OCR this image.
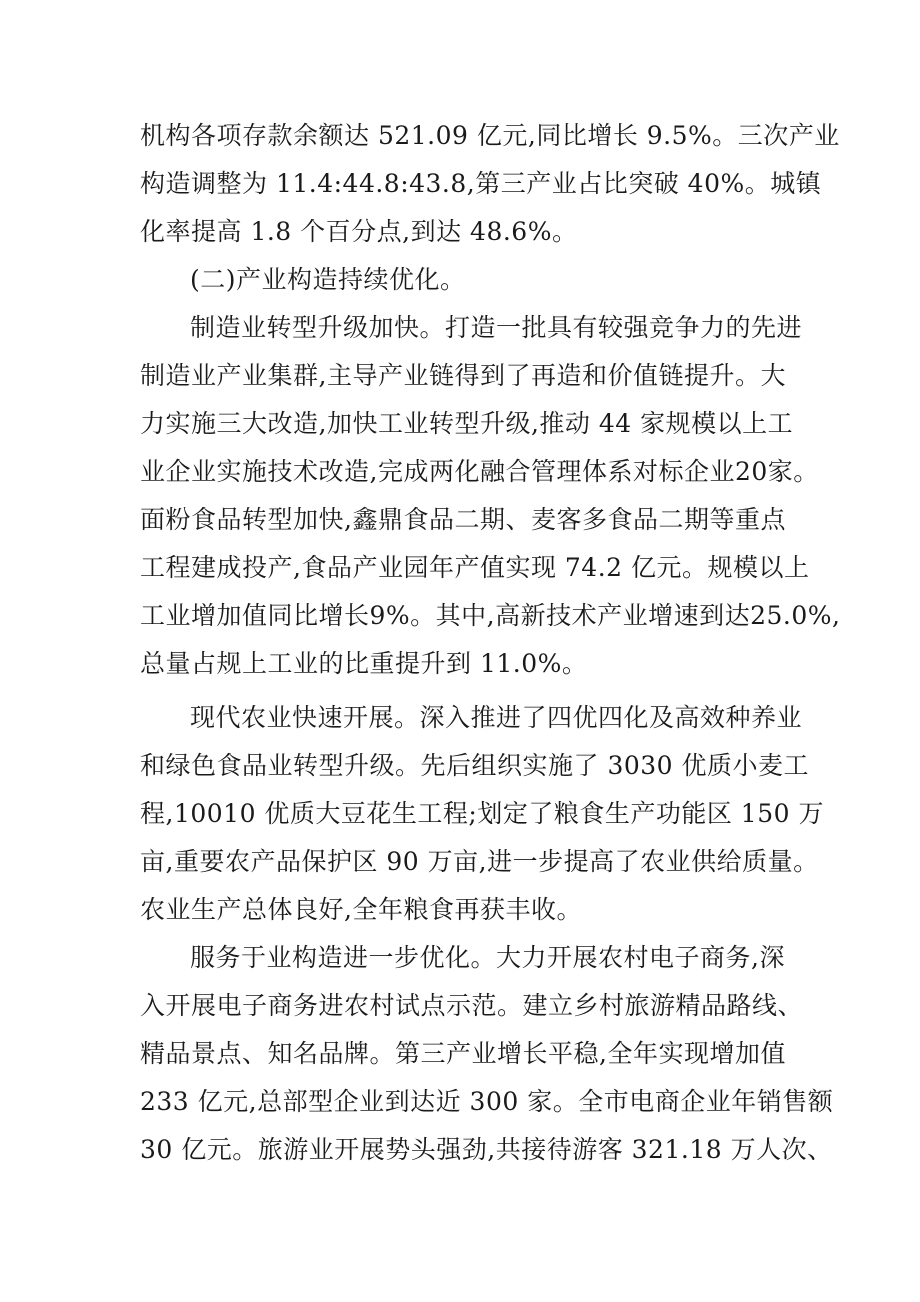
机构各项存款余额达 521.09 亿元,同比增长 9.5%。三次产业
构造调整为 11.4:44.8:43.8,第三产业占比突破 40%。城镇
化率提高 1.8 个百分点,到达 48.6%。
(二)产业构造持续优化。
制造业转型升级加快。打造一批具有较强竞争力的先进
制造业产业集群,主导产业链得到了再造和价值链提升。大
力实施三大改造,加快工业转型升级,推动 44 家规模以上工
业企业实施技术改造,完成两化融合管理体系对标企业20家。
面粉食品转型加快,鑫鼎食品二期、麦客多食品二期等重点
工程建成投产,食品产业园年产值实现 74.2 亿元。规模以上
工业增加值同比增长9%。其中,高新技术产业增速到达25.0%,
总量占规上工业的比重提升到 11.0%。
现代农业快速开展。深入推进了四优四化及高效种养业
和绿色食品业转型升级。先后组织实施了 3030 优质小麦工
程,10010 优质大豆花生工程;划定了粮食生产功能区 150 万
亩,重要农产品保护区 90 万亩,进一步提高了农业供给质量。
农业生产总体良好,全年粮食再获丰收。
服务于业构造进一步优化。大力开展农村电子商务,深
入开展电子商务进农村试点示范。建立乡村旅游精品路线、
精品景点、知名品牌。第三产业增长平稳,全年实现增加值
233 亿元,总部型企业到达近 300 家。全市电商企业年销售额
30 亿元。旅游业开展势头强劲,共接待游客 321.18 万人次、
